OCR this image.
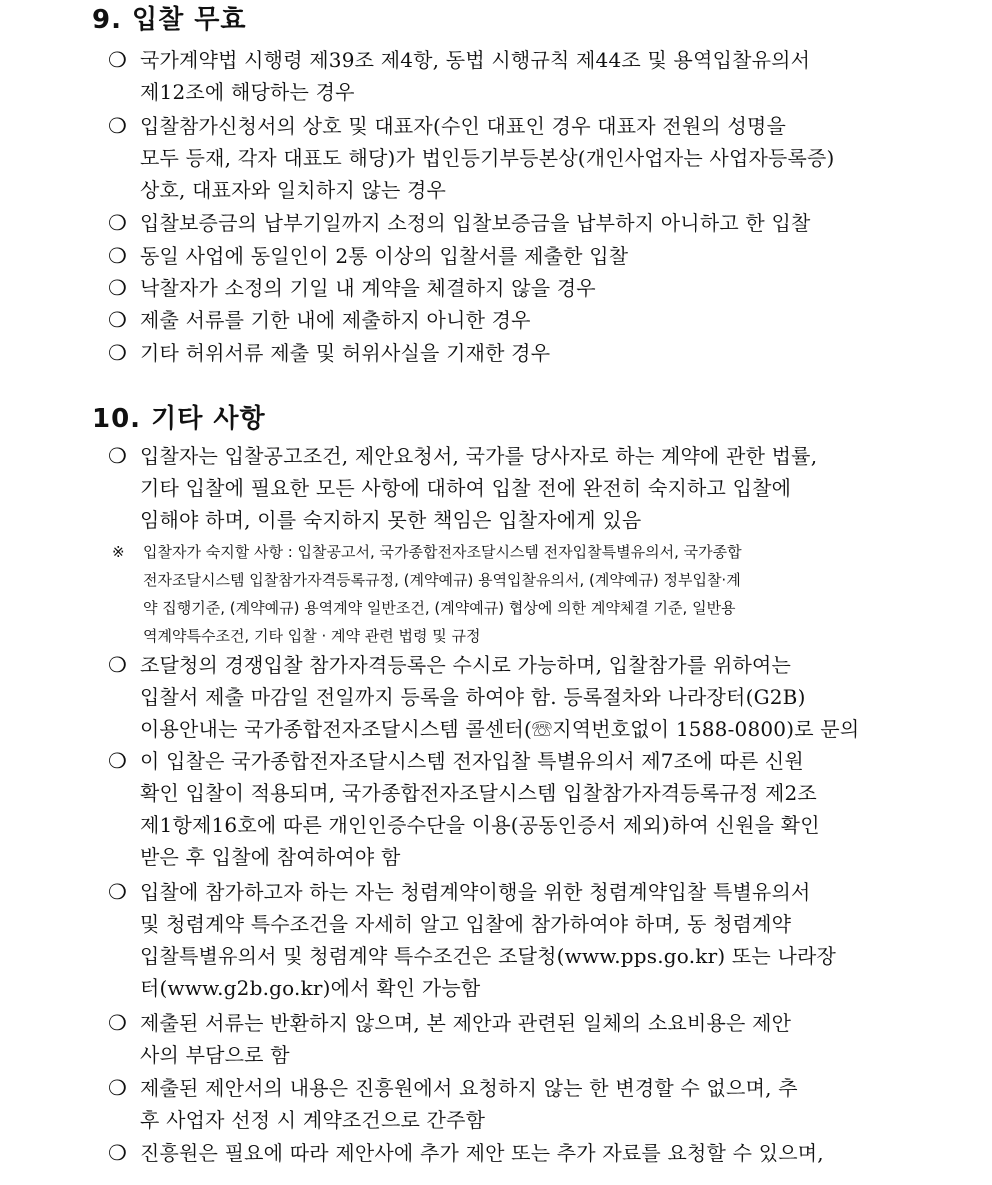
9. 입찰 무효
❍ 국가계약법 시행령 제39조 제4항, 동법 시행규칙 제44조 및 용역입찰유의서
제12조에 해당하는 경우
❍ 입찰참가신청서의 상호 및 대표자(수인 대표인 경우 대표자 전원의 성명을
모두 등재, 각자 대표도 해당)가 법인등기부등본상(개인사업자는 사업자등록증)
상호, 대표자와 일치하지 않는 경우
❍ 입찰보증금의 납부기일까지 소정의 입찰보증금을 납부하지 아니하고 한 입찰
❍ 동일 사업에 동일인이 2통 이상의 입찰서를 제출한 입찰
❍ 낙찰자가 소정의 기일 내 계약을 체결하지 않을 경우
❍ 제출 서류를 기한 내에 제출하지 아니한 경우
❍ 기타 허위서류 제출 및 허위사실을 기재한 경우
10. 기타 사항
❍ 입찰자는 입찰공고조건, 제안요청서, 국가를 당사자로 하는 계약에 관한 법률,
기타 입찰에 필요한 모든 사항에 대하여 입찰 전에 완전히 숙지하고 입찰에
임해야 하며, 이를 숙지하지 못한 책임은 입찰자에게 있음
※ 입찰자가 숙지할 사항 : 입찰공고서, 국가종합전자조달시스템 전자입찰특별유의서, 국가종합
전자조달시스템 입찰참가자격등록규정, (계약예규) 용역입찰유의서, (계약예규) 정부입찰·계
약 집행기준, (계약예규) 용역계약 일반조건, (계약예규) 협상에 의한 계약체결 기준, 일반용
역계약특수조건, 기타 입찰 · 계약 관련 법령 및 규정
❍ 조달청의 경쟁입찰 참가자격등록은 수시로 가능하며, 입찰참가를 위하여는
입찰서 제출 마감일 전일까지 등록을 하여야 함. 등록절차와 나라장터(G2B)
이용안내는 국가종합전자조달시스템 콜센터(☏지역번호없이 1588-0800)로 문의
❍ 이 입찰은 국가종합전자조달시스템 전자입찰 특별유의서 제7조에 따른 신원
확인 입찰이 적용되며, 국가종합전자조달시스템 입찰참가자격등록규정 제2조
제1항제16호에 따른 개인인증수단을 이용(공동인증서 제외)하여 신원을 확인
받은 후 입찰에 참여하여야 함
❍ 입찰에 참가하고자 하는 자는 청렴계약이행을 위한 청렴계약입찰 특별유의서
및 청렴계약 특수조건을 자세히 알고 입찰에 참가하여야 하며, 동 청렴계약
입찰특별유의서 및 청렴계약 특수조건은 조달청(www.pps.go.kr) 또는 나라장
터(www.g2b.go.kr)에서 확인 가능함
❍ 제출된 서류는 반환하지 않으며, 본 제안과 관련된 일체의 소요비용은 제안
사의 부담으로 함
❍ 제출된 제안서의 내용은 진흥원에서 요청하지 않는 한 변경할 수 없으며, 추
후 사업자 선정 시 계약조건으로 간주함
❍ 진흥원은 필요에 따라 제안사에 추가 제안 또는 추가 자료를 요청할 수 있으며,
